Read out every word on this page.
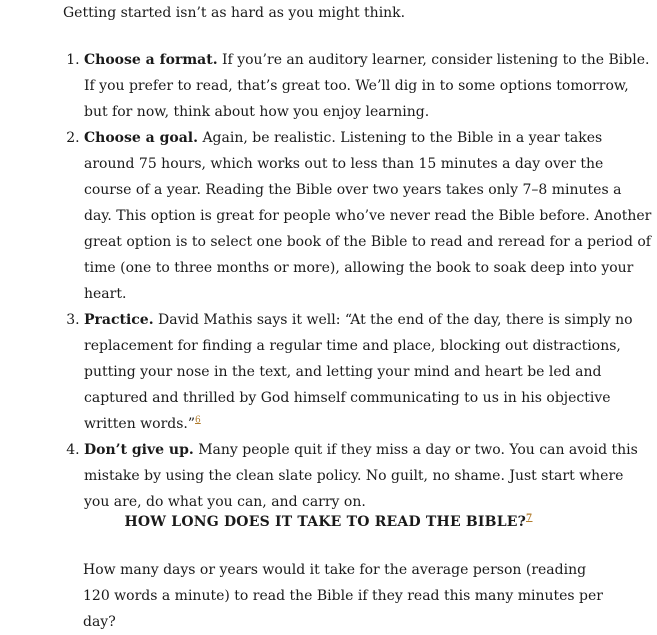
Getting started isn’t as hard as you might think.

1. Choose a format. If you’re an auditory learner, consider listening to the Bible. If you prefer to read, that’s great too. We’ll dig in to some options tomorrow, but for now, think about how you enjoy learning.
2. Choose a goal. Again, be realistic. Listening to the Bible in a year takes around 75 hours, which works out to less than 15 minutes a day over the course of a year. Reading the Bible over two years takes only 7–8 minutes a day. This option is great for people who’ve never read the Bible before. Another great option is to select one book of the Bible to read and reread for a period of time (one to three months or more), allowing the book to soak deep into your heart.
3. Practice. David Mathis says it well: “At the end of the day, there is simply no replacement for finding a regular time and place, blocking out distractions, putting your nose in the text, and letting your mind and heart be led and captured and thrilled by God himself communicating to us in his objective written words.”$^6$
4. Don’t give up. Many people quit if they miss a day or two. You can avoid this mistake by using the clean slate policy. No guilt, no shame. Just start where you are, do what you can, and carry on.
HOW LONG DOES IT TAKE TO READ THE BIBLE?$^7$

How many days or years would it take for the average person (reading 120 words a minute) to read the Bible if they read this many minutes per day?
